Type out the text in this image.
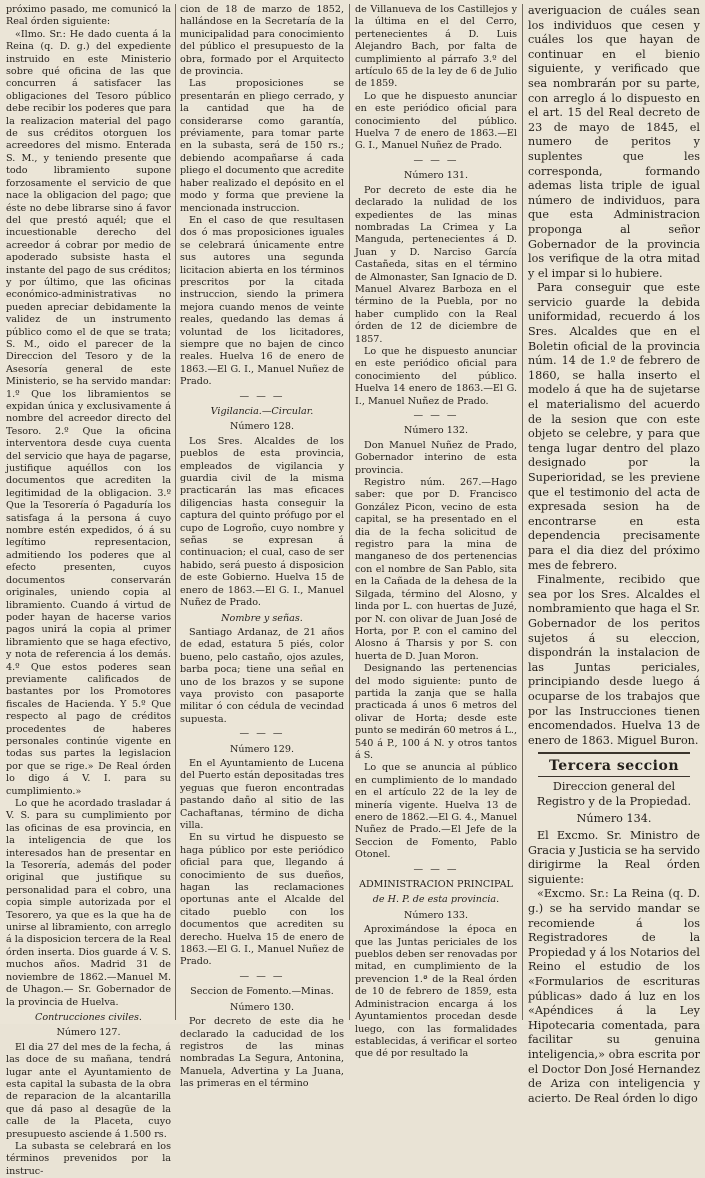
próximo pasado, me comunicó la Real órden siguiente:

«Ilmo. Sr.: He dado cuenta á la Reina (q. D. g.) del expediente instruido en este Ministerio sobre qué oficina de las que concurren á satisfacer las obligaciones del Tesoro público debe recibir los poderes que para la realizacion material del pago de sus créditos otorguen los acreedores del mismo. Enterada S. M., y teniendo presente que todo libramiento supone forzosamente el servicio de que nace la obligacion del pago; que éste no debe librarse sino á favor del que prestó aquél; que el incuestionable derecho del acreedor á cobrar por medio de apoderado subsiste hasta el instante del pago de sus créditos; y por último, que las oficinas económico-administrativas no pueden apreciar debidamente la validez de un instrumento público como el de que se trata; S. M., oido el parecer de la Direccion del Tesoro y de la Asesoría general de este Ministerio, se ha servido mandar: 1.º Que los libramientos se expidan única y exclusivamente á nombre del acreedor directo del Tesoro. 2.º Que la oficina interventora desde cuya cuenta del servicio que haya de pagarse, justifique aquéllos con los documentos que acrediten la legitimidad de la obligacion. 3.º Que la Tesorería ó Pagaduría los satisfaga á la persona á cuyo nombre estén expedidos, ó á su legítimo representacion, admitiendo los poderes que al efecto presenten, cuyos documentos conservarán originales, uniendo copia al libramiento. Cuando á virtud de poder hayan de hacerse varios pagos unirá la copia al primer libramiento que se haga efectivo, y nota de referencia á los demás. 4.º Que estos poderes sean previamente calificados de bastantes por los Promotores fiscales de Hacienda. Y 5.º Que respecto al pago de créditos procedentes de haberes personales continúe vigente en todas sus partes la legislacion por que se rige.» De Real órden lo digo á V. I. para su cumplimiento.»

Lo que he acordado trasladar á V. S. para su cumplimiento por las oficinas de esa provincia, en la inteligencia de que los interesados han de presentar en la Tesorería, además del poder original que justifique su personalidad para el cobro, una copia simple autorizada por el Tesorero, ya que es la que ha de unirse al libramiento, con arreglo á la disposicion tercera de la Real órden inserta. Dios guarde á V. S. muchos años. Madrid 31 de noviembre de 1862.—Manuel M. de Uhagon.— Sr. Gobernador de la provincia de Huelva.

Contrucciones civiles.
Número 127.

El dia 27 del mes de la fecha, á las doce de su mañana, tendrá lugar ante el Ayuntamiento de esta capital la subasta de la obra de reparacion de la alcantarilla que dá paso al desagüe de la calle de la Placeta, cuyo presupuesto asciende á 1.500 rs.

La subasta se celebrará en los términos prevenidos por la instruc-

cion de 18 de marzo de 1852, hallándose en la Secretaría de la municipalidad para conocimiento del público el presupuesto de la obra, formado por el Arquitecto de provincia.

Las proposiciones se presentarán en pliego cerrado, y la cantidad que ha de considerarse como garantía, préviamente, para tomar parte en la subasta, será de 150 rs.; debiendo acompañarse á cada pliego el documento que acredite haber realizado el depósito en el modo y forma que previene la mencionada instruccion.

En el caso de que resultasen dos ó mas proposiciones iguales se celebrará únicamente entre sus autores una segunda licitacion abierta en los términos prescritos por la citada instruccion, siendo la primera mejora cuando menos de veinte reales, quedando las demas á voluntad de los licitadores, siempre que no bajen de cinco reales. Huelva 16 de enero de 1863.—El G. I., Manuel Nuñez de Prado.

— — —
Vigilancia.—Circular.
Número 128.

Los Sres. Alcaldes de los pueblos de esta provincia, empleados de vigilancia y guardia civil de la misma practicarán las mas eficaces diligencias hasta conseguir la captura del quinto prófugo por el cupo de Logroño, cuyo nombre y señas se expresan á continuacion; el cual, caso de ser habido, será puesto á disposicion de este Gobierno. Huelva 15 de enero de 1863.—El G. I., Manuel Nuñez de Prado.

Nombre y señas.

Santiago Ardanaz, de 21 años de edad, estatura 5 piés, color bueno, pelo castaño, ojos azules, barba poca; tiene una señal en uno de los brazos y se supone vaya provisto con pasaporte militar ó con cédula de vecindad supuesta.

— — —
Número 129.

En el Ayuntamiento de Lucena del Puerto están depositadas tres yeguas que fueron encontradas pastando daño al sitio de las Cachaftanas, término de dicha villa.

En su virtud he dispuesto se haga público por este periódico oficial para que, llegando á conocimiento de sus dueños, hagan las reclamaciones oportunas ante el Alcalde del citado pueblo con los documentos que acrediten su derecho. Huelva 15 de enero de 1863.—El G. I., Manuel Nuñez de Prado.

— — —
Seccion de Fomento.—Minas.
Número 130.

Por decreto de este dia he declarado la caducidad de los registros de las minas nombradas La Segura, Antonina, Manuela, Advertina y La Juana, las primeras en el término

de Villanueva de los Castillejos y la última en el del Cerro, pertenecientes á D. Luis Alejandro Bach, por falta de cumplimiento al párrafo 3.º del artículo 65 de la ley de 6 de Julio de 1859.

Lo que he dispuesto anunciar en este periódico oficial para conocimiento del público. Huelva 7 de enero de 1863.—El G. I., Manuel Nuñez de Prado.

— — —
Número 131.

Por decreto de este dia he declarado la nulidad de los expedientes de las minas nombradas La Crimea y La Manguda, pertenecientes á D. Juan y D. Narciso García Castañeda, sitas en el término de Almonaster, San Ignacio de D. Manuel Alvarez Barboza en el término de la Puebla, por no haber cumplido con la Real órden de 12 de diciembre de 1857.

Lo que he dispuesto anunciar en este periódico oficial para conocimiento del público. Huelva 14 enero de 1863.—El G. I., Manuel Nuñez de Prado.

— — —
Número 132.

Don Manuel Nuñez de Prado, Gobernador interino de esta provincia.

Registro núm. 267.—Hago saber: que por D. Francisco González Picon, vecino de esta capital, se ha presentado en el dia de la fecha solicitud de registro para la mina de manganeso de dos pertenencias con el nombre de San Pablo, sita en la Cañada de la dehesa de la Silgada, término del Alosno, y linda por L. con huertas de Juzé, por N. con olivar de Juan José de Horta, por P. con el camino del Alosno á Tharsis y por S. con huerta de D. Juan Moron.

Designando las pertenencias del modo siguiente: punto de partida la zanja que se halla practicada á unos 6 metros del olivar de Horta; desde este punto se medirán 60 metros á L., 540 á P., 100 á N. y otros tantos á S.

Lo que se anuncia al público en cumplimiento de lo mandado en el artículo 22 de la ley de minería vigente. Huelva 13 de enero de 1862.—El G. 4., Manuel Nuñez de Prado.—El Jefe de la Seccion de Fomento, Pablo Otonel.

— — —
ADMINISTRACION PRINCIPAL
de H. P. de esta provincia.
Número 133.

Aproximándose la época en que las Juntas periciales de los pueblos deben ser renovadas por mitad, en cumplimiento de la prevencion 1.ª de la Real órden de 10 de febrero de 1859, esta Administracion encarga á los Ayuntamientos procedan desde luego, con las formalidades establecidas, á verificar el sorteo que dé por resultado la

averiguacion de cuáles sean los individuos que cesen y cuáles los que hayan de continuar en el bienio siguiente, y verificado que sea nombrarán por su parte, con arreglo á lo dispuesto en el art. 15 del Real decreto de 23 de mayo de 1845, el numero de peritos y suplentes que les corresponda, formando ademas lista triple de igual número de individuos, para que esta Administracion proponga al señor Gobernador de la provincia los verifique de la otra mitad y el impar si lo hubiere.

Para conseguir que este servicio guarde la debida uniformidad, recuerdo á los Sres. Alcaldes que en el Boletin oficial de la provincia núm. 14 de 1.º de febrero de 1860, se halla inserto el modelo á que ha de sujetarse el materialismo del acuerdo de la sesion que con este objeto se celebre, y para que tenga lugar dentro del plazo designado por la Superioridad, se les previene que el testimonio del acta de expresada sesion ha de encontrarse en esta dependencia precisamente para el dia diez del próximo mes de febrero.

Finalmente, recibido que sea por los Sres. Alcaldes el nombramiento que haga el Sr. Gobernador de los peritos sujetos á su eleccion, dispondrán la instalacion de las Juntas periciales, principiando desde luego á ocuparse de los trabajos que por las Instrucciones tienen encomendados. Huelva 13 de enero de 1863. Miguel Buron.

Tercera seccion
Direccion general del Registro y de la Propiedad.
Número 134.

El Excmo. Sr. Ministro de Gracia y Justicia se ha servido dirigirme la Real órden siguiente:

«Excmo. Sr.: La Reina (q. D. g.) se ha servido mandar se recomiende á los Registradores de la Propiedad y á los Notarios del Reino el estudio de los «Formularios de escrituras públicas» dado á luz en los «Apéndices á la Ley Hipotecaria comentada, para facilitar su genuina inteligencia,» obra escrita por el Doctor Don José Hernandez de Ariza con inteligencia y acierto. De Real órden lo digo
